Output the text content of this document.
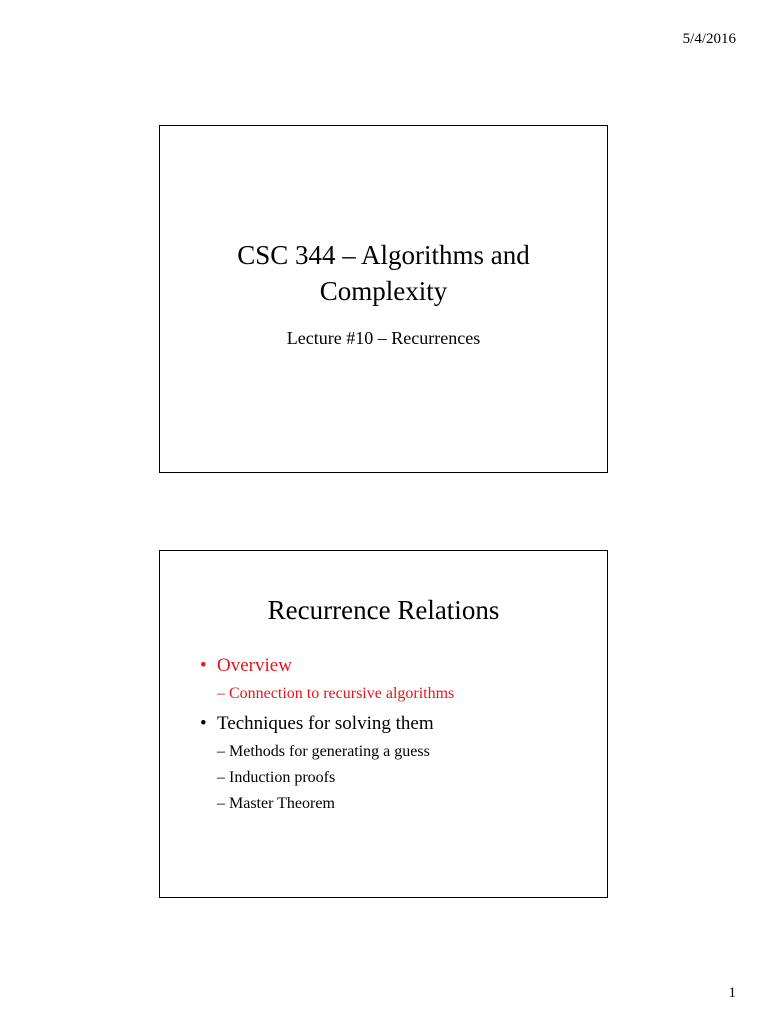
5/4/2016
CSC 344 – Algorithms and
Complexity
Lecture #10 – Recurrences
Recurrence Relations
• Overview
– Connection to recursive algorithms
• Techniques for solving them
– Methods for generating a guess
– Induction proofs
– Master Theorem
1
